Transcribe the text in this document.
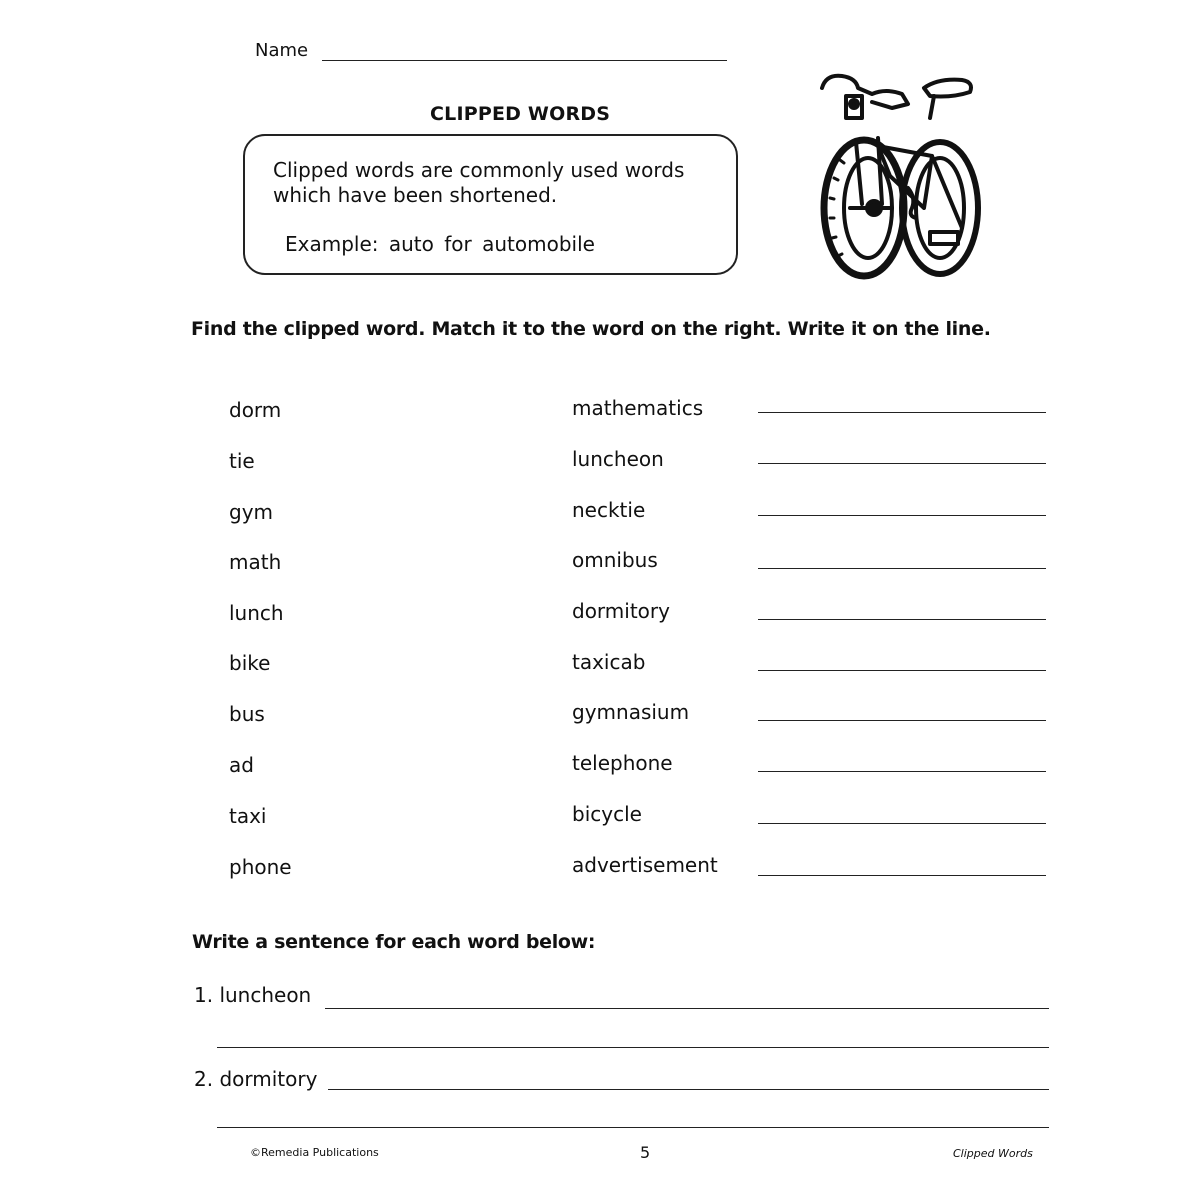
Name
CLIPPED WORDS
Clipped words are commonly used words
which have been shortened.
Example: auto for automobile
Find the clipped word. Match it to the word on the right. Write it on the line.
dorm	mathematics
tie	luncheon
gym	necktie
math	omnibus
lunch	dormitory
bike	taxicab
bus	gymnasium
ad	telephone
taxi	bicycle
phone	advertisement
Write a sentence for each word below:
1. luncheon
2. dormitory
©Remedia Publications	5	Clipped Words
